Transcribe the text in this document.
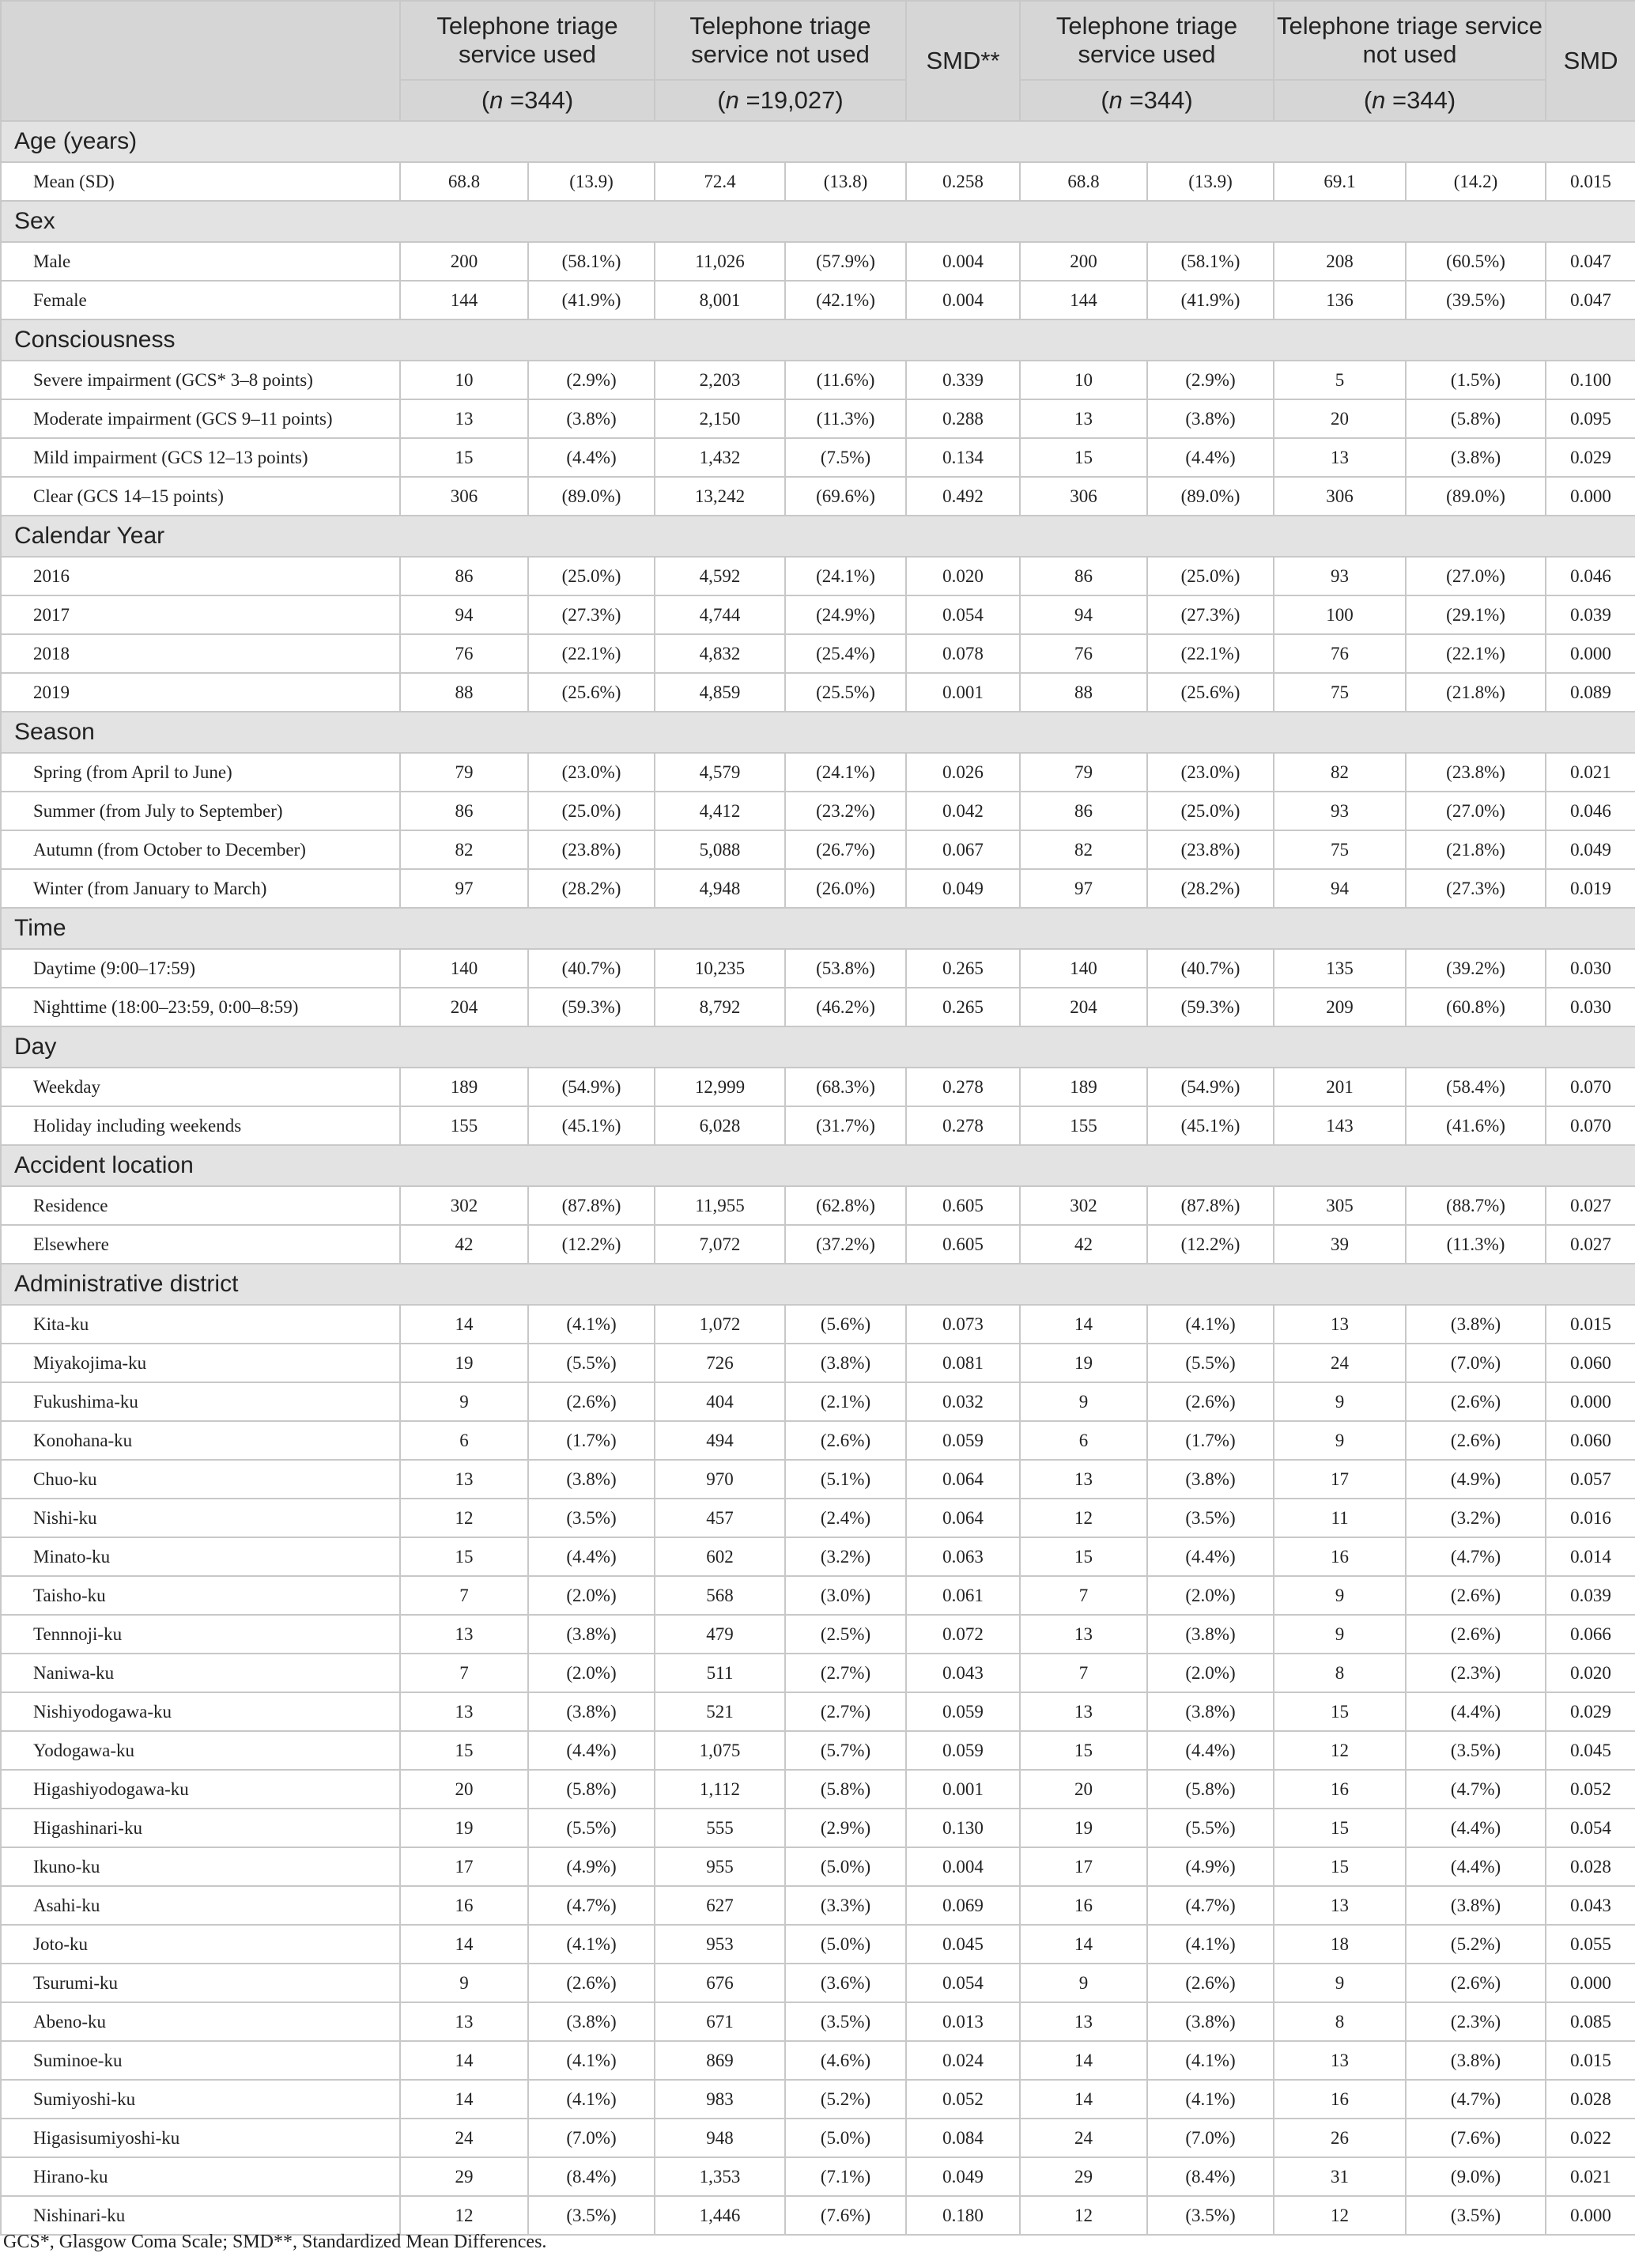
	Telephone triage service used		Telephone triage service not used		SMD**	Telephone triage service used		Telephone triage service not used		SMD
	(n =344)		(n =19,027)			(n =344)		(n =344)		
Age (years)										
Mean (SD)	68.8	(13.9)	72.4	(13.8)	0.258	68.8	(13.9)	69.1	(14.2)	0.015
Sex										
Male	200	(58.1%)	11,026	(57.9%)	0.004	200	(58.1%)	208	(60.5%)	0.047
Female	144	(41.9%)	8,001	(42.1%)	0.004	144	(41.9%)	136	(39.5%)	0.047
Consciousness										
Severe impairment (GCS* 3–8 points)	10	(2.9%)	2,203	(11.6%)	0.339	10	(2.9%)	5	(1.5%)	0.100
Moderate impairment (GCS 9–11 points)	13	(3.8%)	2,150	(11.3%)	0.288	13	(3.8%)	20	(5.8%)	0.095
Mild impairment (GCS 12–13 points)	15	(4.4%)	1,432	(7.5%)	0.134	15	(4.4%)	13	(3.8%)	0.029
Clear (GCS 14–15 points)	306	(89.0%)	13,242	(69.6%)	0.492	306	(89.0%)	306	(89.0%)	0.000
Calendar Year										
2016	86	(25.0%)	4,592	(24.1%)	0.020	86	(25.0%)	93	(27.0%)	0.046
2017	94	(27.3%)	4,744	(24.9%)	0.054	94	(27.3%)	100	(29.1%)	0.039
2018	76	(22.1%)	4,832	(25.4%)	0.078	76	(22.1%)	76	(22.1%)	0.000
2019	88	(25.6%)	4,859	(25.5%)	0.001	88	(25.6%)	75	(21.8%)	0.089
Season										
Spring (from April to June)	79	(23.0%)	4,579	(24.1%)	0.026	79	(23.0%)	82	(23.8%)	0.021
Summer (from July to September)	86	(25.0%)	4,412	(23.2%)	0.042	86	(25.0%)	93	(27.0%)	0.046
Autumn (from October to December)	82	(23.8%)	5,088	(26.7%)	0.067	82	(23.8%)	75	(21.8%)	0.049
Winter (from January to March)	97	(28.2%)	4,948	(26.0%)	0.049	97	(28.2%)	94	(27.3%)	0.019
Time										
Daytime (9:00–17:59)	140	(40.7%)	10,235	(53.8%)	0.265	140	(40.7%)	135	(39.2%)	0.030
Nighttime (18:00–23:59, 0:00–8:59)	204	(59.3%)	8,792	(46.2%)	0.265	204	(59.3%)	209	(60.8%)	0.030
Day										
Weekday	189	(54.9%)	12,999	(68.3%)	0.278	189	(54.9%)	201	(58.4%)	0.070
Holiday including weekends	155	(45.1%)	6,028	(31.7%)	0.278	155	(45.1%)	143	(41.6%)	0.070
Accident location										
Residence	302	(87.8%)	11,955	(62.8%)	0.605	302	(87.8%)	305	(88.7%)	0.027
Elsewhere	42	(12.2%)	7,072	(37.2%)	0.605	42	(12.2%)	39	(11.3%)	0.027
Administrative district										
Kita-ku	14	(4.1%)	1,072	(5.6%)	0.073	14	(4.1%)	13	(3.8%)	0.015
Miyakojima-ku	19	(5.5%)	726	(3.8%)	0.081	19	(5.5%)	24	(7.0%)	0.060
Fukushima-ku	9	(2.6%)	404	(2.1%)	0.032	9	(2.6%)	9	(2.6%)	0.000
Konohana-ku	6	(1.7%)	494	(2.6%)	0.059	6	(1.7%)	9	(2.6%)	0.060
Chuo-ku	13	(3.8%)	970	(5.1%)	0.064	13	(3.8%)	17	(4.9%)	0.057
Nishi-ku	12	(3.5%)	457	(2.4%)	0.064	12	(3.5%)	11	(3.2%)	0.016
Minato-ku	15	(4.4%)	602	(3.2%)	0.063	15	(4.4%)	16	(4.7%)	0.014
Taisho-ku	7	(2.0%)	568	(3.0%)	0.061	7	(2.0%)	9	(2.6%)	0.039
Tennnoji-ku	13	(3.8%)	479	(2.5%)	0.072	13	(3.8%)	9	(2.6%)	0.066
Naniwa-ku	7	(2.0%)	511	(2.7%)	0.043	7	(2.0%)	8	(2.3%)	0.020
Nishiyodogawa-ku	13	(3.8%)	521	(2.7%)	0.059	13	(3.8%)	15	(4.4%)	0.029
Yodogawa-ku	15	(4.4%)	1,075	(5.7%)	0.059	15	(4.4%)	12	(3.5%)	0.045
Higashiyodogawa-ku	20	(5.8%)	1,112	(5.8%)	0.001	20	(5.8%)	16	(4.7%)	0.052
Higashinari-ku	19	(5.5%)	555	(2.9%)	0.130	19	(5.5%)	15	(4.4%)	0.054
Ikuno-ku	17	(4.9%)	955	(5.0%)	0.004	17	(4.9%)	15	(4.4%)	0.028
Asahi-ku	16	(4.7%)	627	(3.3%)	0.069	16	(4.7%)	13	(3.8%)	0.043
Joto-ku	14	(4.1%)	953	(5.0%)	0.045	14	(4.1%)	18	(5.2%)	0.055
Tsurumi-ku	9	(2.6%)	676	(3.6%)	0.054	9	(2.6%)	9	(2.6%)	0.000
Abeno-ku	13	(3.8%)	671	(3.5%)	0.013	13	(3.8%)	8	(2.3%)	0.085
Suminoe-ku	14	(4.1%)	869	(4.6%)	0.024	14	(4.1%)	13	(3.8%)	0.015
Sumiyoshi-ku	14	(4.1%)	983	(5.2%)	0.052	14	(4.1%)	16	(4.7%)	0.028
Higasisumiyoshi-ku	24	(7.0%)	948	(5.0%)	0.084	24	(7.0%)	26	(7.6%)	0.022
Hirano-ku	29	(8.4%)	1,353	(7.1%)	0.049	29	(8.4%)	31	(9.0%)	0.021
Nishinari-ku	12	(3.5%)	1,446	(7.6%)	0.180	12	(3.5%)	12	(3.5%)	0.000
GCS*, Glasgow Coma Scale; SMD**, Standardized Mean Differences.
